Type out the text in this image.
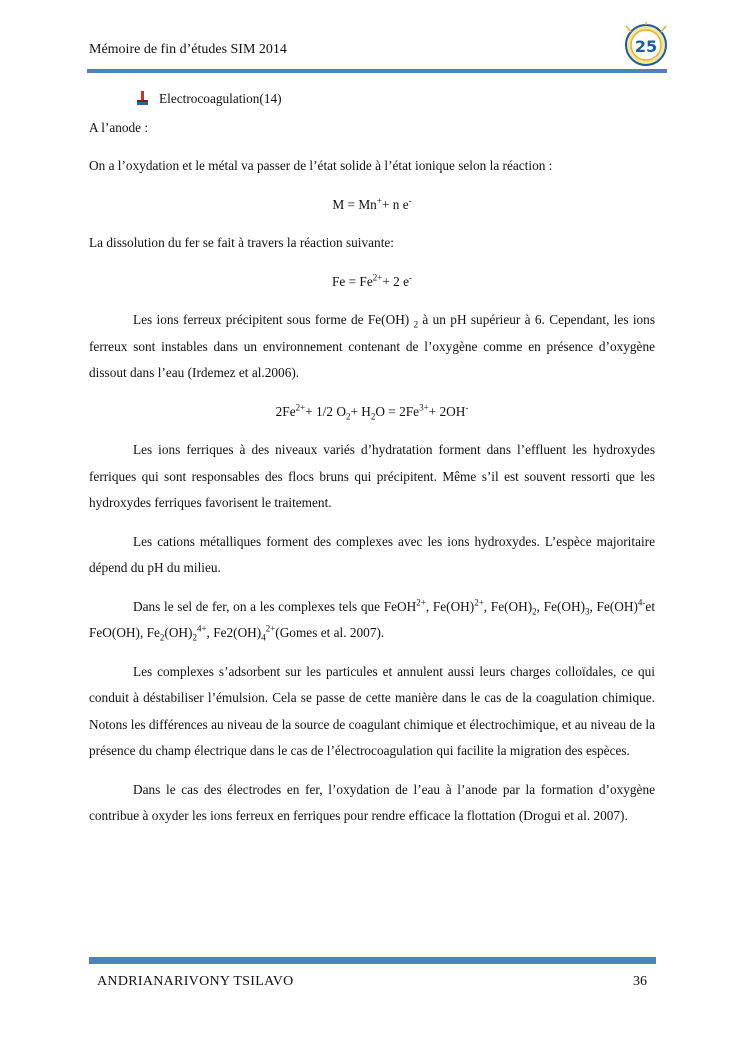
Mémoire de fin d’études SIM 2014	25

Electrocoagulation(14)

A l’anode :

On a l’oxydation et le métal va passer de l’état solide à l’état ionique selon la réaction :

M = Mn++ n e-

La dissolution du fer se fait à travers la réaction suivante:

$Fe = Fe^{2+}+ 2$ e-

Les ions ferreux précipitent sous forme de Fe(OH) $_2$ à un pH supérieur à 6. Cependant, les ions ferreux sont instables dans un environnement contenant de l’oxygène comme en présence d’oxygène dissout dans l’eau (Irdemez et al.2006).

$2Fe^{2+}+ 1/2$ $O_2+ H_2O = 2Fe^{3+}+ 2OH^-$

Les ions ferriques à des niveaux variés d’hydratation forment dans l’effluent les hydroxydes ferriques qui sont responsables des flocs bruns qui précipitent. Même s’il est souvent ressorti que les hydroxydes ferriques favorisent le traitement.

Les cations métalliques forment des complexes avec les ions hydroxydes. L’espèce majoritaire dépend du pH du milieu.

Dans le sel de fer, on a les complexes tels que FeOH$^{2+}$, Fe(OH)$^{2+}$, $Fe(OH)_2$, $Fe(OH)_3$, Fe(OH)$^{4-}$et FeO(OH), $Fe_2(OH)_2^{4+}$, $Fe2(OH)_4^{2+}(Gomes$ et al. 2007).

Les complexes s’adsorbent sur les particules et annulent aussi leurs charges colloïdales, ce qui conduit à déstabiliser l’émulsion. Cela se passe de cette manière dans le cas de la coagulation chimique. Notons les différences au niveau de la source de coagulant chimique et électrochimique, et au niveau de la présence du champ électrique dans le cas de l’électrocoagulation qui facilite la migration des espèces.

Dans le cas des électrodes en fer, l’oxydation de l’eau à l’anode par la formation d’oxygène contribue à oxyder les ions ferreux en ferriques pour rendre efficace la flottation (Drogui et al. 2007).

ANDRIANARIVONY TSILAVO	36
